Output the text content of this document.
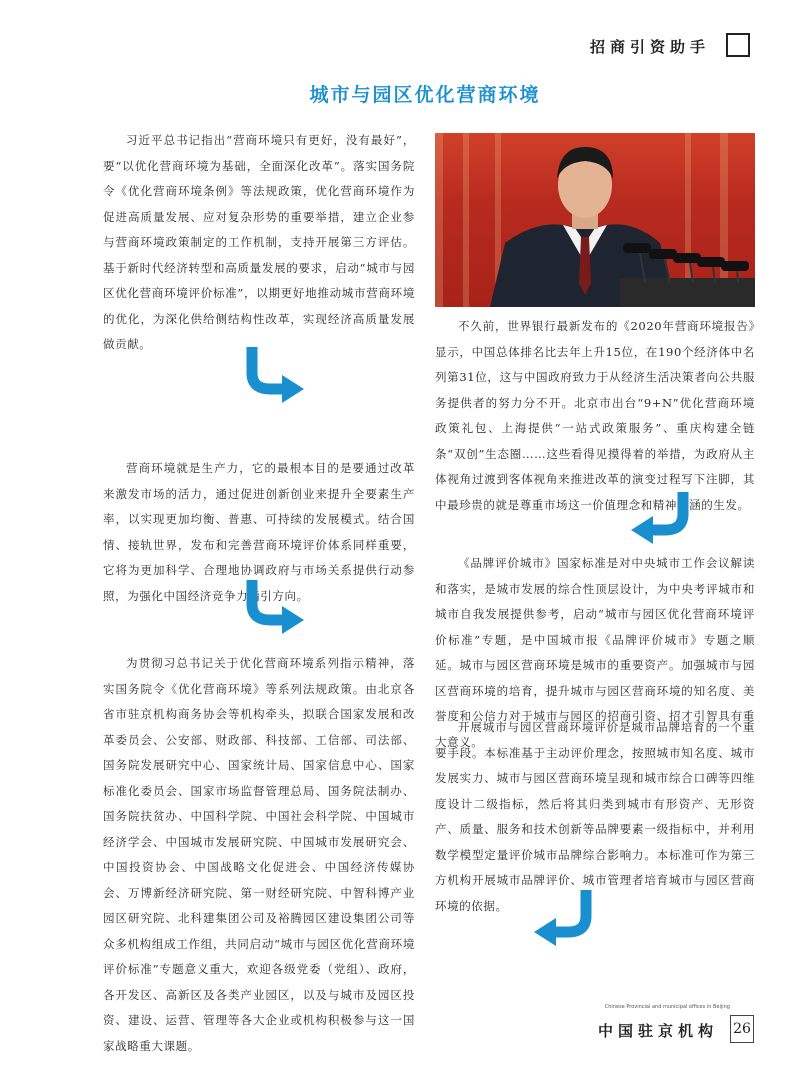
招商引资助手
城市与园区优化营商环境

习近平总书记指出“营商环境只有更好，没有最好”，要“以优化营商环境为基础，全面深化改革”。落实国务院令《优化营商环境条例》等法规政策，优化营商环境作为促进高质量发展、应对复杂形势的重要举措，建立企业参与营商环境政策制定的工作机制，支持开展第三方评估。基于新时代经济转型和高质量发展的要求，启动“城市与园区优化营商环境评价标准”，以期更好地推动城市营商环境的优化，为深化供给侧结构性改革，实现经济高质量发展做贡献。

不久前，世界银行最新发布的《2020年营商环境报告》显示，中国总体排名比去年上升15位，在190个经济体中名列第31位，这与中国政府致力于从经济生活决策者向公共服务提供者的努力分不开。北京市出台“9+N”优化营商环境政策礼包、上海提供“一站式政策服务”、重庆构建全链条“双创”生态圈……这些看得见摸得着的举措，为政府从主体视角过渡到客体视角来推进改革的演变过程写下注脚，其中最珍贵的就是尊重市场这一价值理念和精神内涵的生发。

营商环境就是生产力，它的最根本目的是要通过改革来激发市场的活力，通过促进创新创业来提升全要素生产率，以实现更加均衡、普惠、可持续的发展模式。结合国情、接轨世界，发布和完善营商环境评价体系同样重要，它将为更加科学、合理地协调政府与市场关系提供行动参照，为强化中国经济竞争力指引方向。

《品牌评价城市》国家标准是对中央城市工作会议解读和落实，是城市发展的综合性顶层设计，为中央考评城市和城市自我发展提供参考，启动“城市与园区优化营商环境评价标准”专题，是中国城市报《品牌评价城市》专题之顺延。城市与园区营商环境是城市的重要资产。加强城市与园区营商环境的培育，提升城市与园区营商环境的知名度、美誉度和公信力对于城市与园区的招商引资、招才引智具有重大意义。

开展城市与园区营商环境评价是城市品牌培育的一个重要手段。本标准基于主动评价理念，按照城市知名度、城市发展实力、城市与园区营商环境呈现和城市综合口碑等四维度设计二级指标，然后将其归类到城市有形资产、无形资产、质量、服务和技术创新等品牌要素一级指标中，并利用数学模型定量评价城市品牌综合影响力。本标准可作为第三方机构开展城市品牌评价、城市管理者培育城市与园区营商环境的依据。

为贯彻习总书记关于优化营商环境系列指示精神，落实国务院令《优化营商环境》等系列法规政策。由北京各省市驻京机构商务协会等机构牵头，拟联合国家发展和改革委员会、公安部、财政部、科技部、工信部、司法部、国务院发展研究中心、国家统计局、国家信息中心、国家标准化委员会、国家市场监督管理总局、国务院法制办、国务院扶贫办、中国科学院、中国社会科学院、中国城市经济学会、中国城市发展研究院、中国城市发展研究会、中国投资协会、中国战略文化促进会、中国经济传媒协会、万博新经济研究院、第一财经研究院、中智科博产业园区研究院、北科建集团公司及裕腾园区建设集团公司等众多机构组成工作组，共同启动“城市与园区优化营商环境评价标准”专题意义重大，欢迎各级党委（党组）、政府，各开发区、高新区及各类产业园区，以及与城市及园区投资、建设、运营、管理等各大企业或机构积极参与这一国家战略重大课题。

Chinese Provincial and municipal offices in Beijing
中国驻京机构 26
